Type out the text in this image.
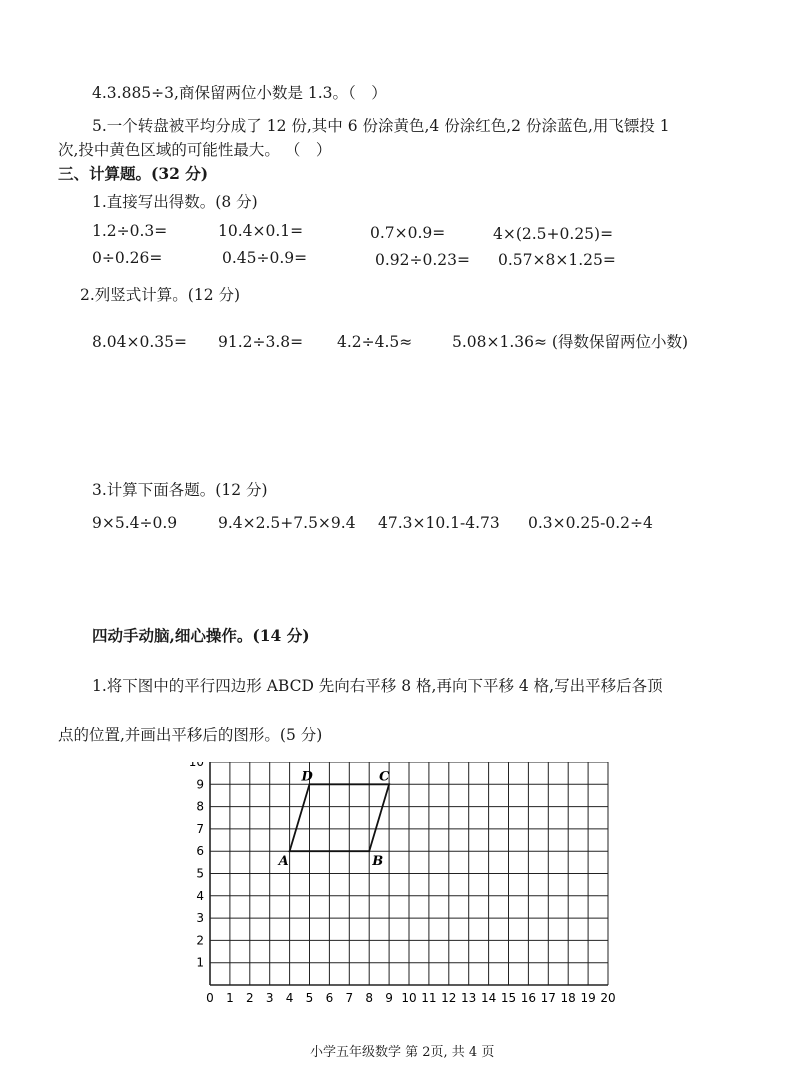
4.3.885÷3,商保留两位小数是 1.3。（　）
5.一个转盘被平均分成了 12 份,其中 6 份涂黄色,4 份涂红色,2 份涂蓝色,用飞镖投 1
次,投中黄色区域的可能性最大。 （　）
三、计算题。(32 分)
1.直接写出得数。(8 分)
1.2÷0.3=	10.4×0.1=	0.7×0.9=	4×(2.5+0.25)=
0÷0.26=	0.45÷0.9=	0.92÷0.23= 0.57×8×1.25=
2.列竖式计算。(12 分)
8.04×0.35= 91.2÷3.8= 4.2÷4.5≈	5.08×1.36≈ (得数保留两位小数)
3.计算下面各题。(12 分)
9×5.4÷0.9	9.4×2.5+7.5×9.4 47.3×10.1-4.73 0.3×0.25-0.2÷4
四动手动脑,细心操作。(14 分)
1.将下图中的平行四边形 ABCD 先向右平移 8 格,再向下平移 4 格,写出平移后各顶
点的位置,并画出平移后的图形。(5 分)
0 1 2 3 4 5 6 7 8 9 10 11 12 13 14 15 16 17 18 19 20
1
2
3
4
5
6
7
8
9
10
A	B
C
D
小学五年级数学 第 2页, 共 4 页
